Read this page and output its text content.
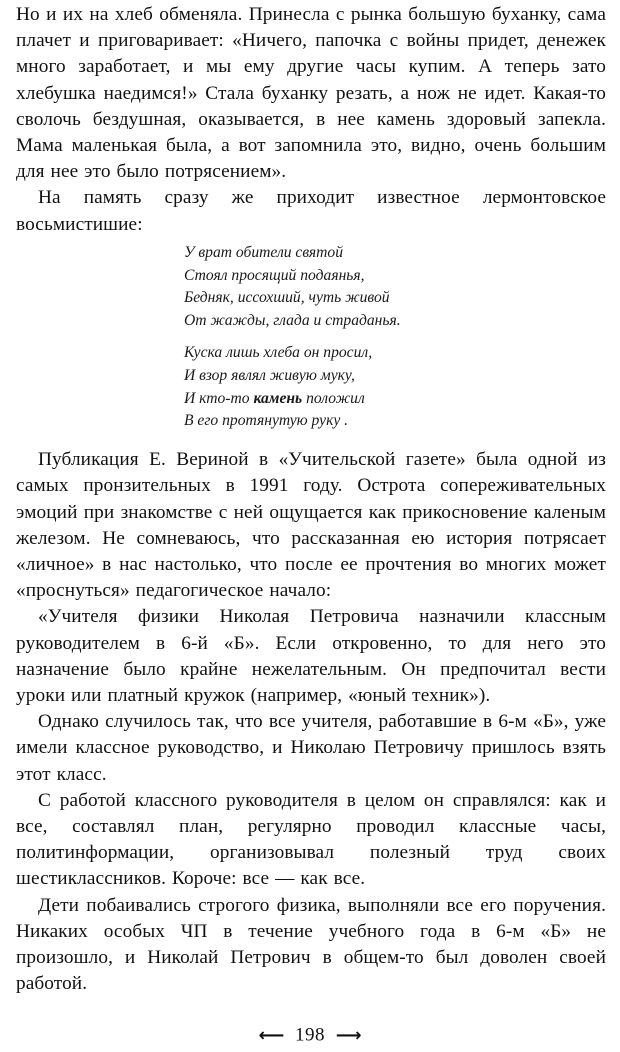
Но и их на хлеб обменяла. Принесла с рынка большую буханку, сама плачет и приговаривает: «Ничего, папочка с войны придет, денежек много заработает, и мы ему другие часы купим. А теперь зато хлебушка наедимся!» Стала буханку резать, а нож не идет. Какая-то сволочь бездушная, оказывается, в нее камень здоровый запекла. Мама маленькая была, а вот запомнила это, видно, очень большим для нее это было потрясением».

На память сразу же приходит известное лермонтовское восьмистишие:

У врат обители святой
Стоял просящий подаянья,
Бедняк, иссохший, чуть живой
От жажды, глада и страданья.
Куска лишь хлеба он просил,
И взор являл живую муку,
И кто-то камень положил
В его протянутую руку .

Публикация Е. Вериной в «Учительской газете» была одной из самых пронзительных в 1991 году. Острота сопереживательных эмоций при знакомстве с ней ощущается как прикосновение каленым железом. Не сомневаюсь, что рассказанная ею история потрясает «личное» в нас настолько, что после ее прочтения во многих может «проснуться» педагогическое начало:

«Учителя физики Николая Петровича назначили классным руководителем в 6-й «Б». Если откровенно, то для него это назначение было крайне нежелательным. Он предпочитал вести уроки или платный кружок (например, «юный техник»).

Однако случилось так, что все учителя, работавшие в 6-м «Б», уже имели классное руководство, и Николаю Петровичу пришлось взять этот класс.

С работой классного руководителя в целом он справлялся: как и все, составлял план, регулярно проводил классные часы, политинформации, организовывал полезный труд своих шестиклассников. Короче: все — как все.

Дети побаивались строгого физика, выполняли все его поручения. Никаких особых ЧП в течение учебного года в 6-м «Б» не произошло, и Николай Петрович в общем-то был доволен своей работой.

⟵ 198 ⟶
